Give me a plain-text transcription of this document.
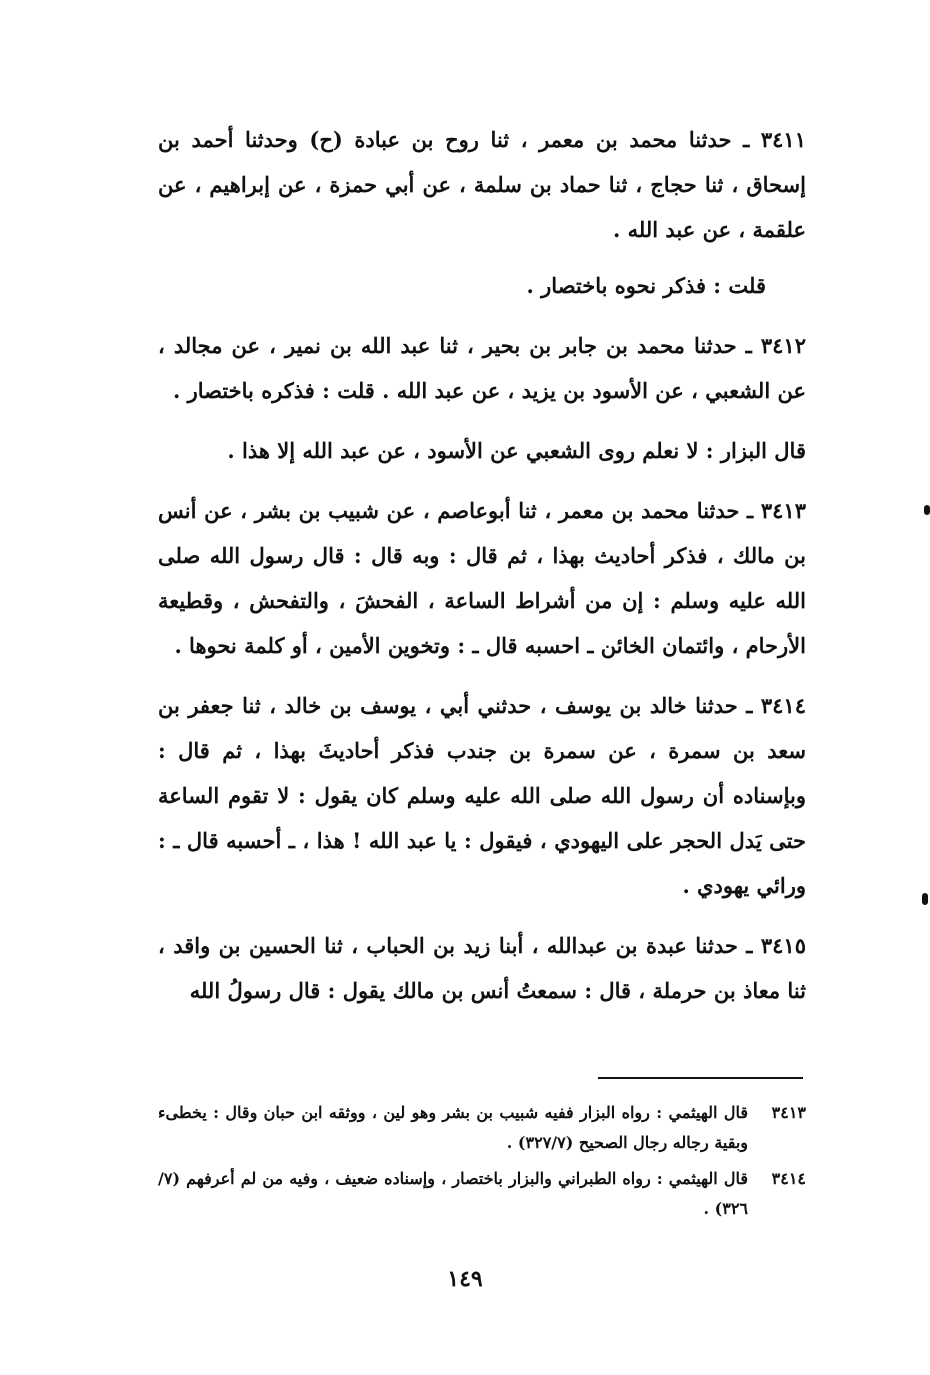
٣٤١١ ـ حدثنا محمد بن معمر ، ثنا روح بن عبادة (ح) وحدثنا أحمد بن إسحاق ، ثنا حجاج ، ثنا حماد بن سلمة ، عن أبي حمزة ، عن إبراهيم ، عن علقمة ، عن عبد الله .

قلت : فذكر نحوه باختصار .

٣٤١٢ ـ حدثنا محمد بن جابر بن بحير ، ثنا عبد الله بن نمير ، عن مجالد ، عن الشعبي ، عن الأسود بن يزيد ، عن عبد الله . قلت : فذكره باختصار .

قال البزار : لا نعلم روى الشعبي عن الأسود ، عن عبد الله إلا هذا .

٣٤١٣ ـ حدثنا محمد بن معمر ، ثنا أبوعاصم ، عن شبيب بن بشر ، عن أنس بن مالك ، فذكر أحاديث بهذا ، ثم قال : وبه قال : قال رسول الله صلى الله عليه وسلم : إن من أشراط الساعة ، الفحشَ ، والتفحش ، وقطيعة الأرحام ، وائتمان الخائن ـ احسبه قال ـ : وتخوين الأمين ، أو كلمة نحوها .

٣٤١٤ ـ حدثنا خالد بن يوسف ، حدثني أبي ، يوسف بن خالد ، ثنا جعفر بن سعد بن سمرة ، عن سمرة بن جندب فذكر أحاديثَ بهذا ، ثم قال : وبإسناده أن رسول الله صلى الله عليه وسلم كان يقول : لا تقوم الساعة حتى يَدل الحجر على اليهودي ، فيقول : يا عبد الله ! هذا ، ـ أحسبه قال ـ : ورائي يهودي .

٣٤١٥ ـ حدثنا عبدة بن عبدالله ، أبنا زيد بن الحباب ، ثنا الحسين بن واقد ، ثنا معاذ بن حرملة ، قال : سمعتُ أنس بن مالك يقول : قال رسولُ الله

٣٤١٣
قال الهيثمي : رواه البزار ففيه شبيب بن بشر وهو لين ، ووثقه ابن حبان وقال : يخطىء وبقية رجاله رجال الصحيح (٣٢٧/٧) .
٣٤١٤
قال الهيثمي : رواه الطبراني والبزار باختصار ، وإسناده ضعيف ، وفيه من لم أعرفهم (٧/ ٣٢٦) .
١٤٩
